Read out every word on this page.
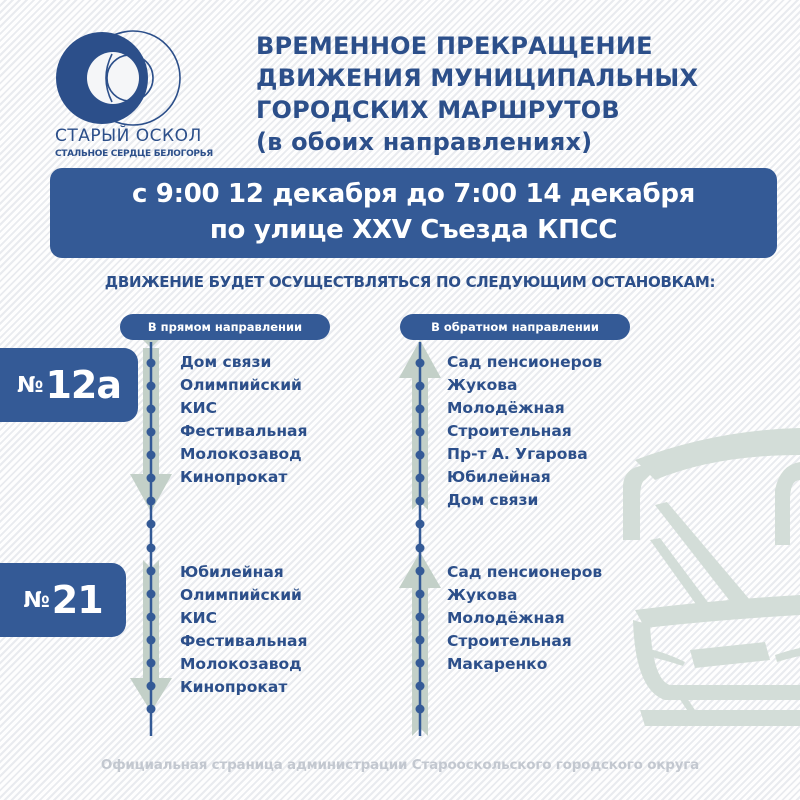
СТАРЫЙ ОСКОЛ
СТАЛЬНОЕ СЕРДЦЕ БЕЛОГОРЬЯ
ВРЕМЕННОЕ ПРЕКРАЩЕНИЕ
ДВИЖЕНИЯ МУНИЦИПАЛЬНЫХ
ГОРОДСКИХ МАРШРУТОВ
(в обоих направлениях)
с 9:00 12 декабря до 7:00 14 декабря
по улице XXV Съезда КПСС
ДВИЖЕНИЕ БУДЕТ ОСУЩЕСТВЛЯТЬСЯ ПО СЛЕДУЮЩИМ ОСТАНОВКАМ:
В прямом направлении	В обратном направлении
№ 12а
№ 21
Дом связи
Олимпийский
КИС
Фестивальная
Молокозавод
Кинопрокат
Сад пенсионеров
Жукова
Молодёжная
Строительная
Пр-т А. Угарова
Юбилейная
Дом связи
Юбилейная
Олимпийский
КИС
Фестивальная
Молокозавод
Кинопрокат
Сад пенсионеров
Жукова
Молодёжная
Строительная
Макаренко
Официальная страница администрации Старооскольского городского округа
